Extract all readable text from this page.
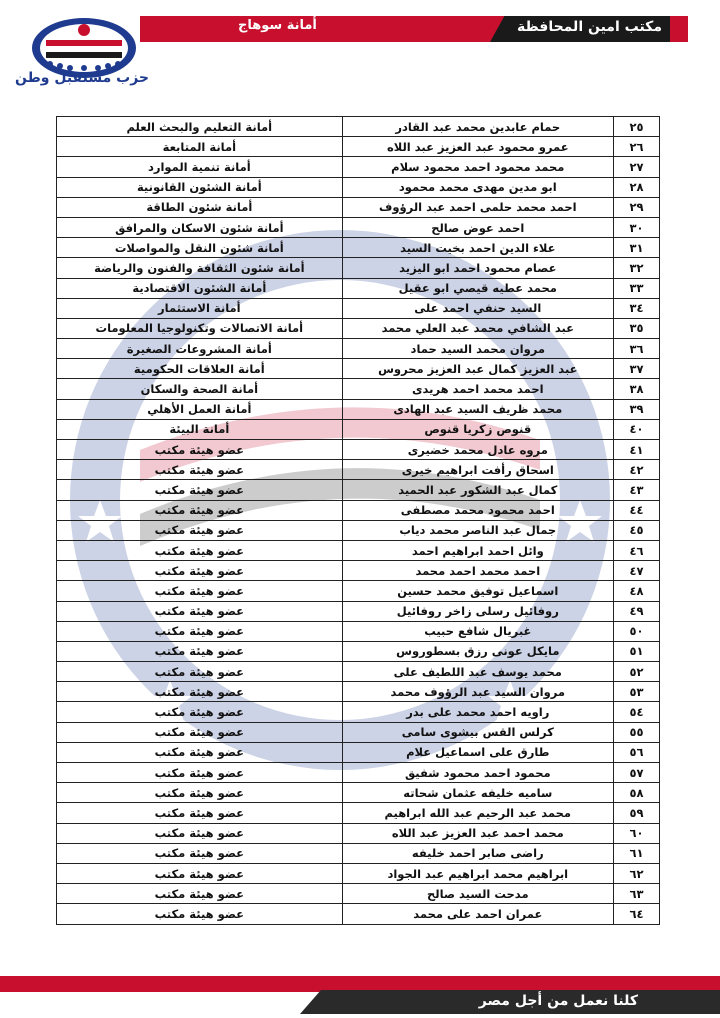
مكتب امين المحافظة
أمانة سوهاج
حزب مستقبل وطن
٢٥	حمام عابدين محمد عبد القادر	أمانة التعليم والبحث العلم
٢٦	عمرو محمود عبد العزيز عبد اللاه	أمانة المتابعة
٢٧	محمد محمود احمد محمود سلام	أمانة تنمية الموارد
٢٨	ابو مدين مهدى محمد محمود	أمانة الشئون القانونية
٢٩	احمد محمد حلمى احمد عبد الرؤوف	أمانة شئون الطاقة
٣٠	احمد عوض صالح	أمانة شئون الاسكان والمرافق
٣١	علاء الدين احمد بخيت السيد	أمانة شئون النقل والمواصلات
٣٢	عصام محمود احمد ابو اليزيد	أمانة شئون الثقافة والفنون والرياضة
٣٣	محمد عطيه قيصي ابو عقيل	أمانة الشئون الاقتصادية
٣٤	السيد حنفي احمد على	أمانة الاستثمار
٣٥	عبد الشافي محمد عبد العلي محمد	أمانة الاتصالات وتكنولوجيا المعلومات
٣٦	مروان محمد السيد حماد	أمانة المشروعات الصغيرة
٣٧	عبد العزيز كمال عبد العزيز محروس	أمانة العلاقات الحكومية
٣٨	احمد محمد احمد هريدى	أمانة الصحة والسكان
٣٩	محمد ظريف السيد عبد الهادى	أمانة العمل الأهلي
٤٠	قنوص زكريا قنوص	أمانة البيئة
٤١	مروه عادل محمد خضيرى	عضو هيئة مكتب
٤٢	اسحاق رأفت ابراهيم خيرى	عضو هيئة مكتب
٤٣	كمال عبد الشكور عبد الحميد	عضو هيئة مكتب
٤٤	احمد محمود محمد مصطفى	عضو هيئة مكتب
٤٥	جمال عبد الناصر محمد دياب	عضو هيئة مكتب
٤٦	وائل احمد ابراهيم احمد	عضو هيئة مكتب
٤٧	احمد محمد احمد محمد	عضو هيئة مكتب
٤٨	اسماعيل توفيق محمد حسين	عضو هيئة مكتب
٤٩	روفائيل رسلى زاخر روفائيل	عضو هيئة مكتب
٥٠	غبريال شافع حبيب	عضو هيئة مكتب
٥١	مايكل عونى رزق بسطوروس	عضو هيئة مكتب
٥٢	محمد يوسف عبد اللطيف على	عضو هيئة مكتب
٥٣	مروان السيد عبد الرؤوف محمد	عضو هيئة مكتب
٥٤	راويه احمد محمد على بدر	عضو هيئة مكتب
٥٥	كرلس القس بيشوى سامى	عضو هيئة مكتب
٥٦	طارق على اسماعيل علام	عضو هيئة مكتب
٥٧	محمود احمد محمود شفيق	عضو هيئة مكتب
٥٨	ساميه خليفه عثمان شحاته	عضو هيئة مكتب
٥٩	محمد عبد الرحيم عبد الله ابراهيم	عضو هيئة مكتب
٦٠	محمد احمد عبد العزيز عبد اللاه	عضو هيئة مكتب
٦١	راضى صابر احمد خليفه	عضو هيئة مكتب
٦٢	ابراهيم محمد ابراهيم عبد الجواد	عضو هيئة مكتب
٦٣	مدحت السيد صالح	عضو هيئة مكتب
٦٤	عمران احمد على محمد	عضو هيئة مكتب
كلنا نعمل من أجل مصر
